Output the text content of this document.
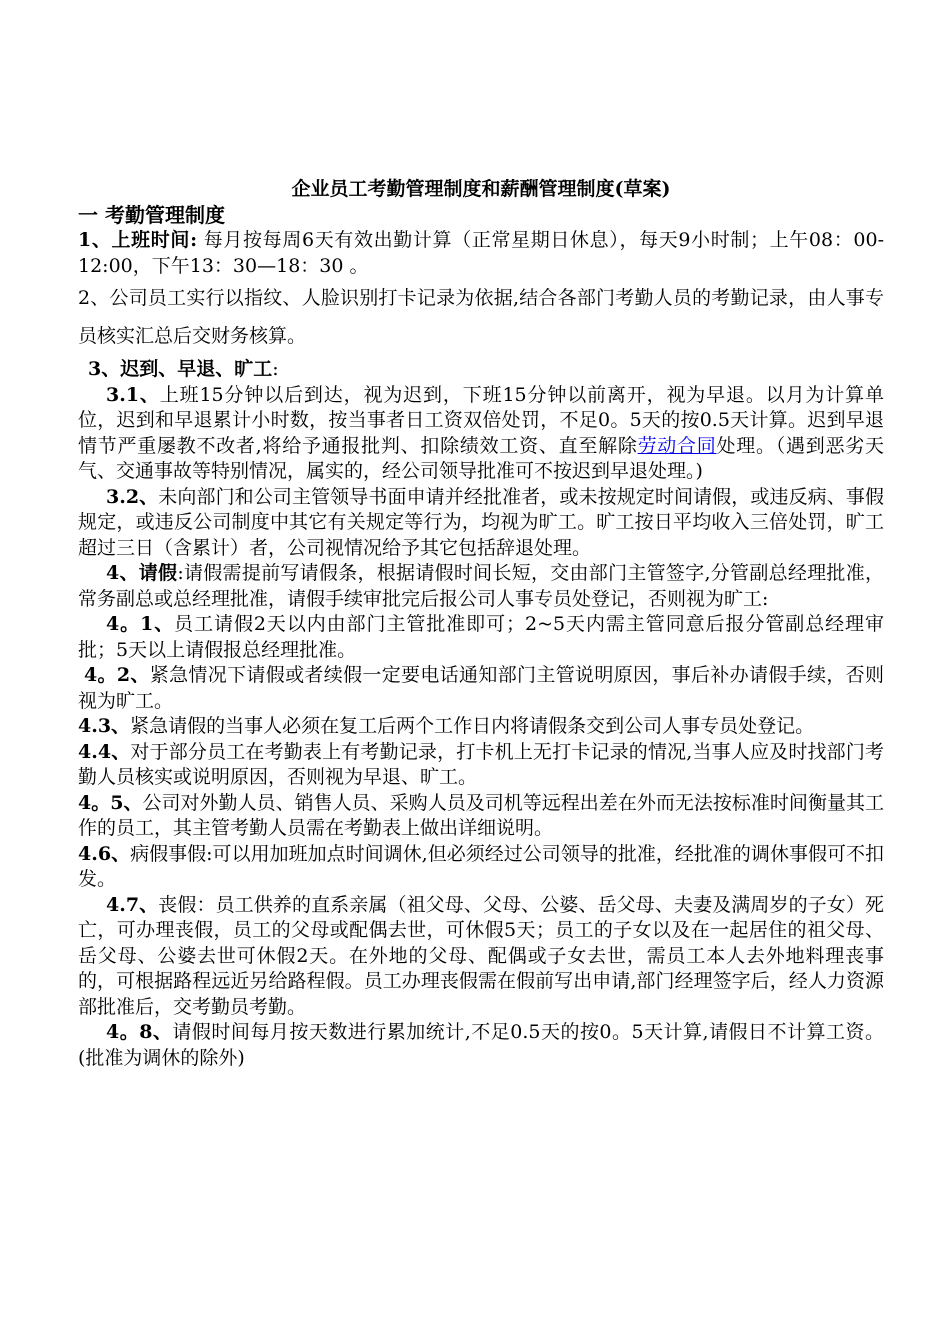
企业员工考勤管理制度和薪酬管理制度(草案)
一 考勤管理制度

1、上班时间: 每月按每周6天有效出勤计算（正常星期日休息），每天9小时制；上午08：00-12:00，下午13：30—18：30 。

2、公司员工实行以指纹、人脸识别打卡记录为依据,结合各部门考勤人员的考勤记录，由人事专员核实汇总后交财务核算。

3、迟到、早退、旷工:

3.1、上班15分钟以后到达，视为迟到，下班15分钟以前离开，视为早退。以月为计算单位，迟到和早退累计小时数，按当事者日工资双倍处罚，不足0。5天的按0.5天计算。迟到早退情节严重屡教不改者,将给予通报批判、扣除绩效工资、直至解除劳动合同处理。（遇到恶劣天气、交通事故等特别情况，属实的，经公司领导批准可不按迟到早退处理。)

3.2、未向部门和公司主管领导书面申请并经批准者，或未按规定时间请假，或违反病、事假规定，或违反公司制度中其它有关规定等行为，均视为旷工。旷工按日平均收入三倍处罚，旷工超过三日（含累计）者，公司视情况给予其它包括辞退处理。

4、请假:请假需提前写请假条，根据请假时间长短，交由部门主管签字,分管副总经理批准，常务副总或总经理批准，请假手续审批完后报公司人事专员处登记，否则视为旷工:

4。1、员工请假2天以内由部门主管批准即可；2~5天内需主管同意后报分管副总经理审批；5天以上请假报总经理批准。

4。2、紧急情况下请假或者续假一定要电话通知部门主管说明原因，事后补办请假手续，否则视为旷工。

4.3、紧急请假的当事人必须在复工后两个工作日内将请假条交到公司人事专员处登记。

4.4、对于部分员工在考勤表上有考勤记录，打卡机上无打卡记录的情况,当事人应及时找部门考勤人员核实或说明原因，否则视为早退、旷工。

4。5、公司对外勤人员、销售人员、采购人员及司机等远程出差在外而无法按标准时间衡量其工作的员工，其主管考勤人员需在考勤表上做出详细说明。

4.6、病假事假:可以用加班加点时间调休,但必须经过公司领导的批准，经批准的调休事假可不扣发。

4.7、丧假：员工供养的直系亲属（祖父母、父母、公婆、岳父母、夫妻及满周岁的子女）死亡，可办理丧假，员工的父母或配偶去世，可休假5天；员工的子女以及在一起居住的祖父母、岳父母、公婆去世可休假2天。在外地的父母、配偶或子女去世，需员工本人去外地料理丧事的，可根据路程远近另给路程假。员工办理丧假需在假前写出申请,部门经理签字后，经人力资源部批准后，交考勤员考勤。

4。8、请假时间每月按天数进行累加统计,不足0.5天的按0。5天计算,请假日不计算工资。(批准为调休的除外)
